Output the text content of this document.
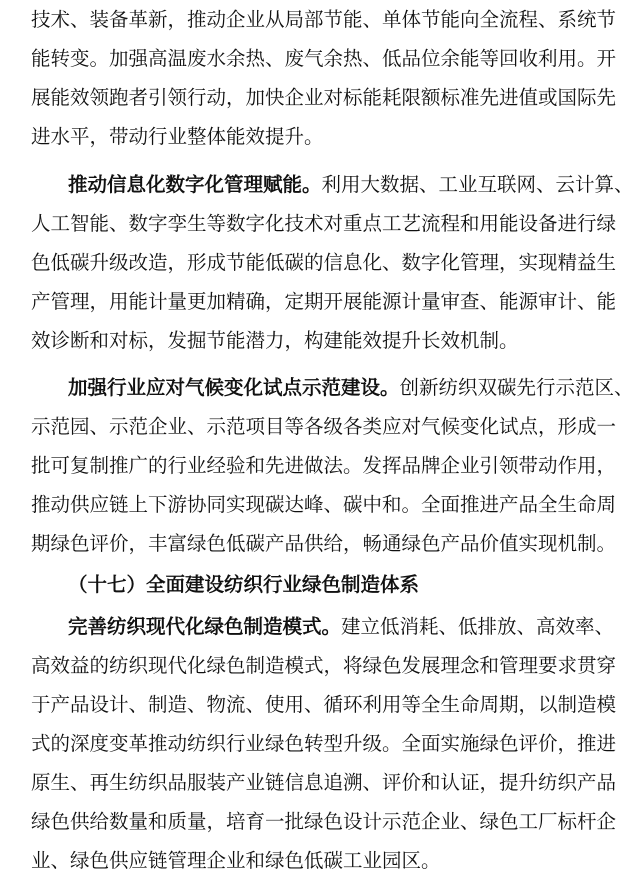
技术、装备革新，推动企业从局部节能、单体节能向全流程、系统节
能转变。加强高温废水余热、废气余热、低品位余能等回收利用。开
展能效领跑者引领行动，加快企业对标能耗限额标准先进值或国际先
进水平，带动行业整体能效提升。
推动信息化数字化管理赋能。利用大数据、工业互联网、云计算、
人工智能、数字孪生等数字化技术对重点工艺流程和用能设备进行绿
色低碳升级改造，形成节能低碳的信息化、数字化管理，实现精益生
产管理，用能计量更加精确，定期开展能源计量审查、能源审计、能
效诊断和对标，发掘节能潜力，构建能效提升长效机制。
加强行业应对气候变化试点示范建设。创新纺织双碳先行示范区、
示范园、示范企业、示范项目等各级各类应对气候变化试点，形成一
批可复制推广的行业经验和先进做法。发挥品牌企业引领带动作用，
推动供应链上下游协同实现碳达峰、碳中和。全面推进产品全生命周
期绿色评价，丰富绿色低碳产品供给，畅通绿色产品价值实现机制。
（十七）全面建设纺织行业绿色制造体系
完善纺织现代化绿色制造模式。建立低消耗、低排放、高效率、
高效益的纺织现代化绿色制造模式，将绿色发展理念和管理要求贯穿
于产品设计、制造、物流、使用、循环利用等全生命周期，以制造模
式的深度变革推动纺织行业绿色转型升级。全面实施绿色评价，推进
原生、再生纺织品服装产业链信息追溯、评价和认证，提升纺织产品
绿色供给数量和质量，培育一批绿色设计示范企业、绿色工厂标杆企
业、绿色供应链管理企业和绿色低碳工业园区。
